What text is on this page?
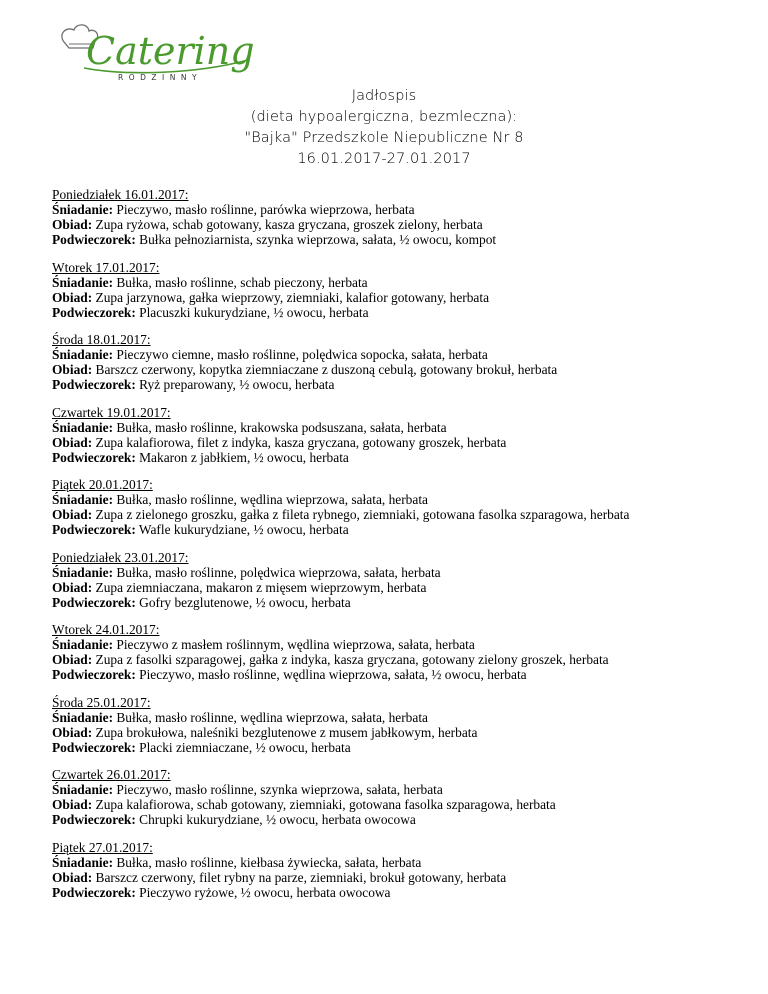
Catering
RODZINNY
Jadłospis
(dieta hypoalergiczna, bezmleczna):
"Bajka" Przedszkole Niepubliczne Nr 8
16.01.2017-27.01.2017
Poniedziałek 16.01.2017:
Śniadanie: Pieczywo, masło roślinne, parówka wieprzowa, herbata
Obiad: Zupa ryżowa, schab gotowany, kasza gryczana, groszek zielony, herbata
Podwieczorek: Bułka pełnoziarnista, szynka wieprzowa, sałata, ½ owocu, kompot
Wtorek 17.01.2017:
Śniadanie: Bułka, masło roślinne, schab pieczony, herbata
Obiad: Zupa jarzynowa, gałka wieprzowy, ziemniaki, kalafior gotowany, herbata
Podwieczorek: Placuszki kukurydziane, ½ owocu, herbata
Środa 18.01.2017:
Śniadanie: Pieczywo ciemne, masło roślinne, polędwica sopocka, sałata, herbata
Obiad: Barszcz czerwony, kopytka ziemniaczane z duszoną cebulą, gotowany brokuł, herbata
Podwieczorek: Ryż preparowany, ½ owocu, herbata
Czwartek 19.01.2017:
Śniadanie: Bułka, masło roślinne, krakowska podsuszana, sałata, herbata
Obiad: Zupa kalafiorowa, filet z indyka, kasza gryczana, gotowany groszek, herbata
Podwieczorek: Makaron z jabłkiem, ½ owocu, herbata
Piątek 20.01.2017:
Śniadanie: Bułka, masło roślinne, wędlina wieprzowa, sałata, herbata
Obiad: Zupa z zielonego groszku, gałka z fileta rybnego, ziemniaki, gotowana fasolka szparagowa, herbata
Podwieczorek: Wafle kukurydziane, ½ owocu, herbata
Poniedziałek 23.01.2017:
Śniadanie: Bułka, masło roślinne, polędwica wieprzowa, sałata, herbata
Obiad: Zupa ziemniaczana, makaron z mięsem wieprzowym, herbata
Podwieczorek: Gofry bezglutenowe, ½ owocu, herbata
Wtorek 24.01.2017:
Śniadanie: Pieczywo z masłem roślinnym, wędlina wieprzowa, sałata, herbata
Obiad: Zupa z fasolki szparagowej, gałka z indyka, kasza gryczana, gotowany zielony groszek, herbata
Podwieczorek: Pieczywo, masło roślinne, wędlina wieprzowa, sałata, ½ owocu, herbata
Środa 25.01.2017:
Śniadanie: Bułka, masło roślinne, wędlina wieprzowa, sałata, herbata
Obiad: Zupa brokułowa, naleśniki bezglutenowe z musem jabłkowym, herbata
Podwieczorek: Placki ziemniaczane, ½ owocu, herbata
Czwartek 26.01.2017:
Śniadanie: Pieczywo, masło roślinne, szynka wieprzowa, sałata, herbata
Obiad: Zupa kalafiorowa, schab gotowany, ziemniaki, gotowana fasolka szparagowa, herbata
Podwieczorek: Chrupki kukurydziane, ½ owocu, herbata owocowa
Piątek 27.01.2017:
Śniadanie: Bułka, masło roślinne, kiełbasa żywiecka, sałata, herbata
Obiad: Barszcz czerwony, filet rybny na parze, ziemniaki, brokuł gotowany, herbata
Podwieczorek: Pieczywo ryżowe, ½ owocu, herbata owocowa
